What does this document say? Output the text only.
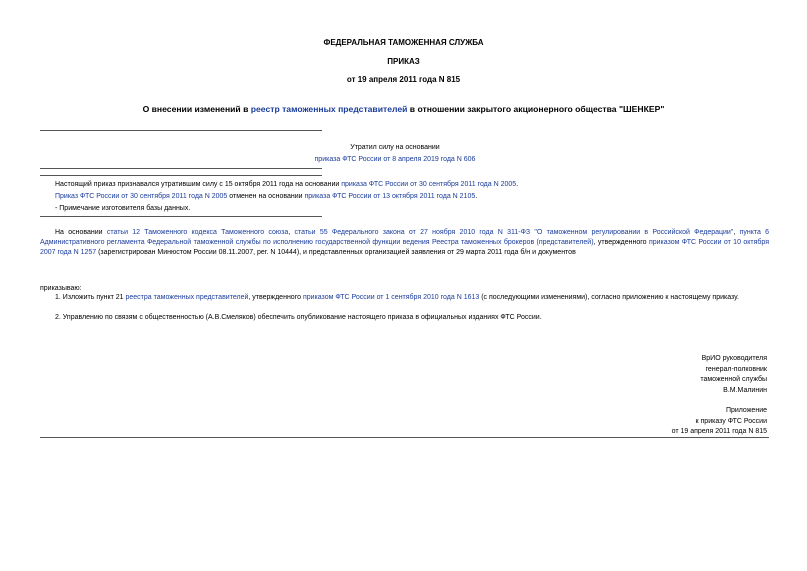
ФЕДЕРАЛЬНАЯ ТАМОЖЕННАЯ СЛУЖБА
ПРИКАЗ
от 19 апреля 2011 года N 815
О внесении изменений в реестр таможенных представителей в отношении закрытого акционерного общества "ШЕНКЕР"
Утратил силу на основании
приказа ФТС России от 8 апреля 2019 года N 606
Настоящий приказ признавался утратившим силу с 15 октября 2011 года на основании приказа ФТС России от 30 сентября 2011 года N 2005.
Приказ ФТС России от 30 сентября 2011 года N 2005 отменен на основании приказа ФТС России от 13 октября 2011 года N 2105.
- Примечание изготовителя базы данных.
На основании статьи 12 Таможенного кодекса Таможенного союза, статьи 55 Федерального закона от 27 ноября 2010 года N 311-ФЗ "О таможенном регулировании в Российской Федерации", пункта 6 Административного регламента Федеральной таможенной службы по исполнению государственной функции ведения Реестра таможенных брокеров (представителей), утвержденного приказом ФТС России от 10 октября 2007 года N 1257 (зарегистрирован Минюстом России 08.11.2007, рег. N 10444), и представленных организацией заявления от 29 марта 2011 года б/н и документов
приказываю:
1. Изложить пункт 21 реестра таможенных представителей, утвержденного приказом ФТС России от 1 сентября 2010 года N 1613 (с последующими изменениями), согласно приложению к настоящему приказу.
2. Управлению по связям с общественностью (А.В.Смеляков) обеспечить опубликование настоящего приказа в официальных изданиях ФТС России.
ВрИО руководителя
генерал-полковник
таможенной службы
В.М.Малинин
Приложение
к приказу ФТС России
от 19 апреля 2011 года N 815
